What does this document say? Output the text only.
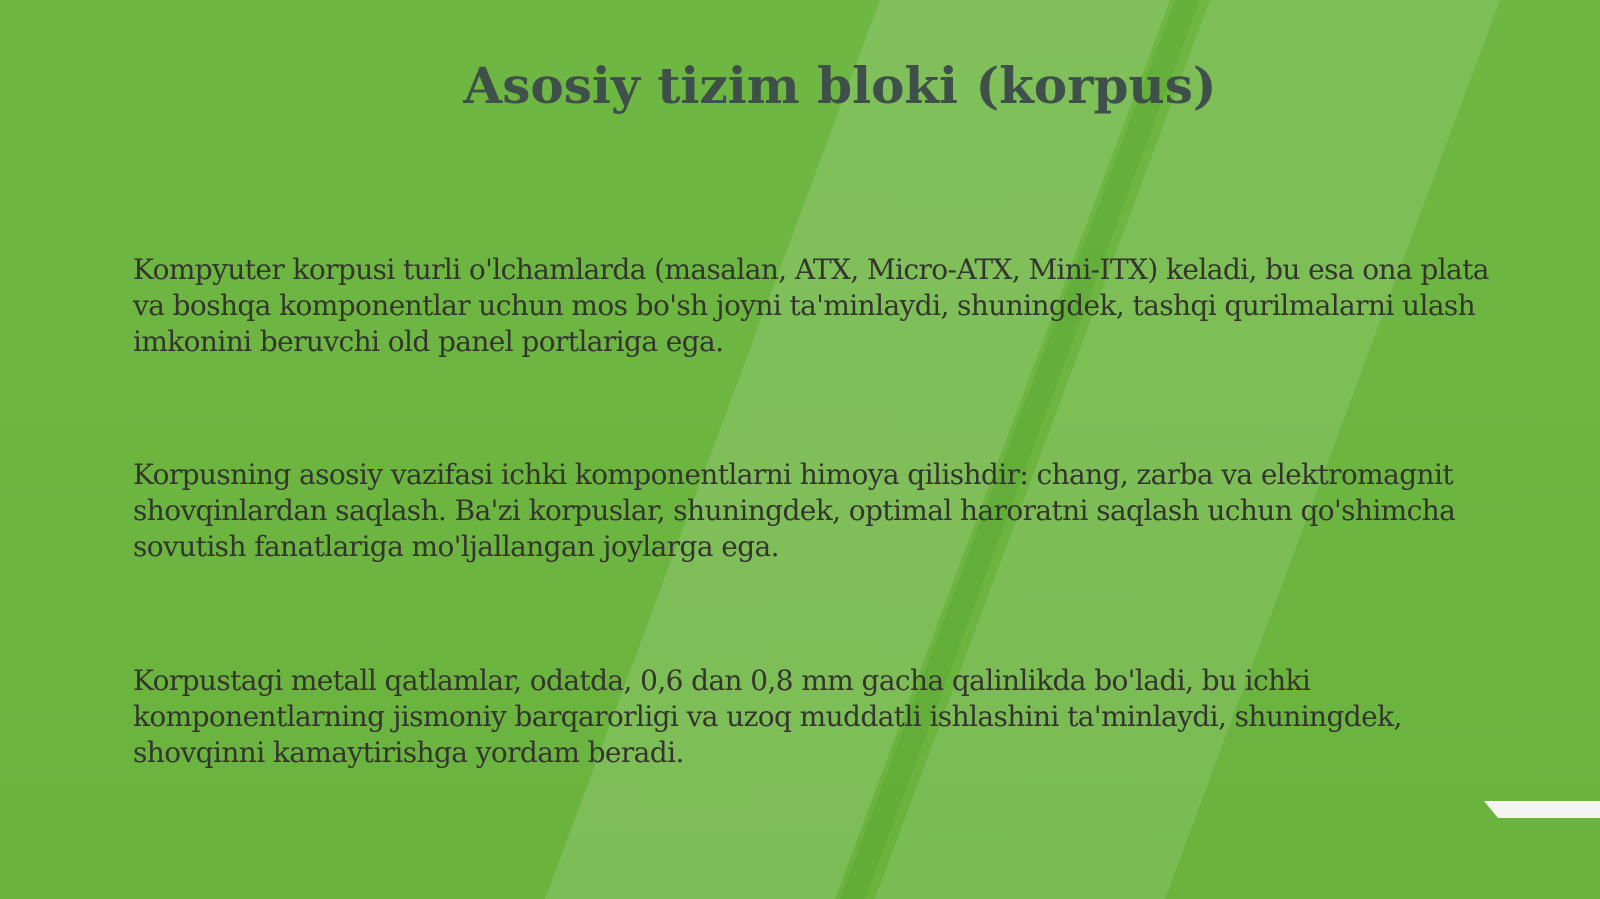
Asosiy tizim bloki (korpus)

Kompyuter korpusi turli o'lchamlarda (masalan, ATX, Micro-ATX, Mini-ITX) keladi, bu esa ona plata va boshqa komponentlar uchun mos bo'sh joyni ta'minlaydi, shuningdek, tashqi qurilmalarni ulash imkonini beruvchi old panel portlariga ega.

Korpusning asosiy vazifasi ichki komponentlarni himoya qilishdir: chang, zarba va elektromagnit shovqinlardan saqlash. Ba'zi korpuslar, shuningdek, optimal haroratni saqlash uchun qo'shimcha sovutish fanatlariga mo'ljallangan joylarga ega.

Korpustagi metall qatlamlar, odatda, 0,6 dan 0,8 mm gacha qalinlikda bo'ladi, bu ichki komponentlarning jismoniy barqarorligi va uzoq muddatli ishlashini ta'minlaydi, shuningdek, shovqinni kamaytirishga yordam beradi.
